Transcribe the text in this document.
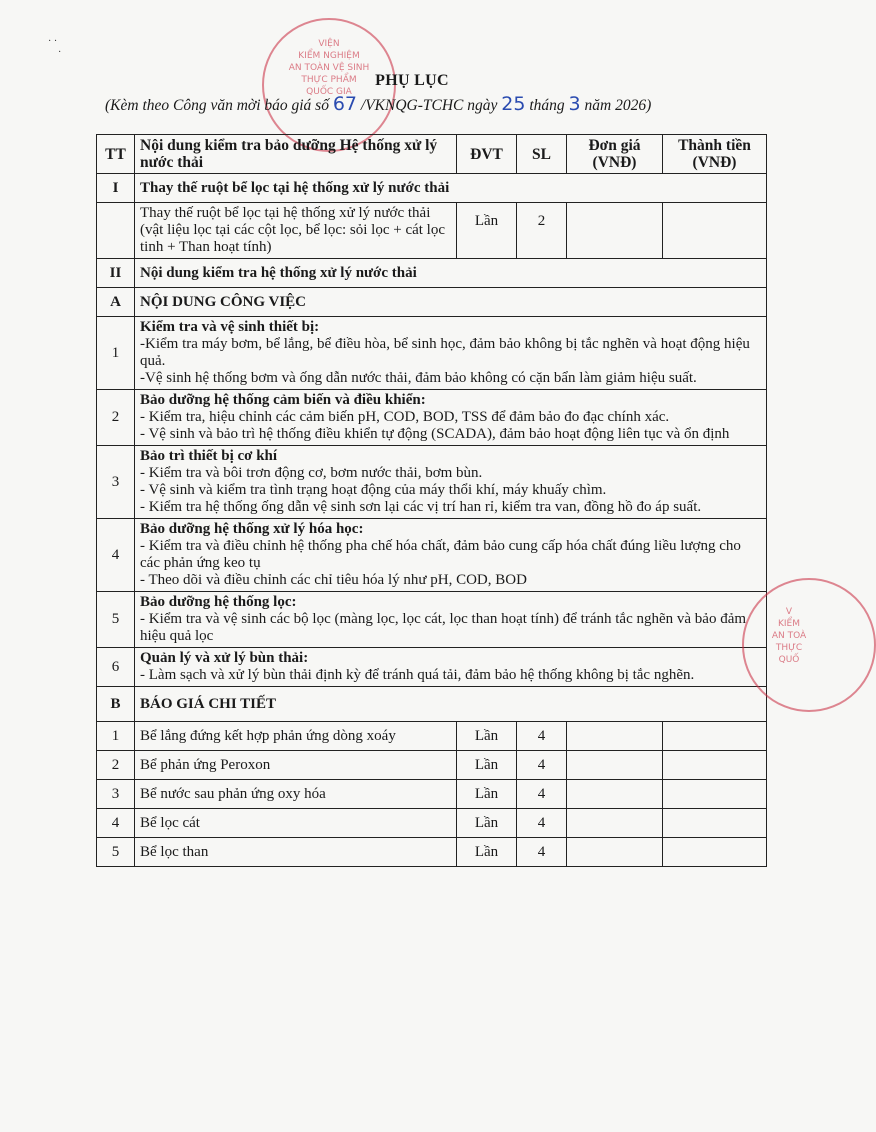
· ·
·
VIỆN
KIỂM NGHIỆM
AN TOÀN VỆ SINH
THỰC PHẨM
QUỐC GIA
PHỤ LỤC
(Kèm theo Công văn mời báo giá số 67 /VKNQG-TCHC ngày 25 tháng 3 năm 2026)
TT	Nội dung kiểm tra bảo dưỡng Hệ thống xử lý nước thải	ĐVT	SL	Đơn giá (VNĐ)	Thành tiền (VNĐ)
I	Thay thế ruột bể lọc tại hệ thống xử lý nước thải				
	Thay thế ruột bể lọc tại hệ thống xử lý nước thải (vật liệu lọc tại các cột lọc, bể lọc: sỏi lọc + cát lọc tinh + Than hoạt tính)	Lần	2		
II	Nội dung kiểm tra hệ thống xử lý nước thải				
A	NỘI DUNG CÔNG VIỆC				
1	Kiểm tra và vệ sinh thiết bị:
-Kiểm tra máy bơm, bể lắng, bể điều hòa, bể sinh học, đảm bảo không bị tắc nghẽn và hoạt động hiệu quả.
-Vệ sinh hệ thống bơm và ống dẫn nước thải, đảm bảo không có cặn bẩn làm giảm hiệu suất.				

2	Bảo dưỡng hệ thống cảm biến và điều khiển:
- Kiểm tra, hiệu chỉnh các cảm biến pH, COD, BOD, TSS để đảm bảo đo đạc chính xác.
- Vệ sinh và bảo trì hệ thống điều khiển tự động (SCADA), đảm bảo hoạt động liên tục và ổn định				

3	Bảo trì thiết bị cơ khí
- Kiểm tra và bôi trơn động cơ, bơm nước thải, bơm bùn.
- Vệ sinh và kiểm tra tình trạng hoạt động của máy thổi khí, máy khuấy chìm.
- Kiểm tra hệ thống ống dẫn vệ sinh sơn lại các vị trí han rỉ, kiểm tra van, đồng hồ đo áp suất.				

4	Bảo dưỡng hệ thống xử lý hóa học:
- Kiểm tra và điều chỉnh hệ thống pha chế hóa chất, đảm bảo cung cấp hóa chất đúng liều lượng cho các phản ứng keo tụ
- Theo dõi và điều chỉnh các chỉ tiêu hóa lý như pH, COD, BOD				

5	Bảo dưỡng hệ thống lọc:
- Kiểm tra và vệ sinh các bộ lọc (màng lọc, lọc cát, lọc than hoạt tính) để tránh tắc nghẽn và bảo đảm hiệu quả lọc				

6	Quản lý và xử lý bùn thải:
- Làm sạch và xử lý bùn thải định kỳ để tránh quá tải, đảm bảo hệ thống không bị tắc nghẽn.				

B	BÁO GIÁ CHI TIẾT				
1	Bể lắng đứng kết hợp phản ứng dòng xoáy	Lần	4		
2	Bể phản ứng Peroxon	Lần	4		
3	Bể nước sau phản ứng oxy hóa	Lần	4		
4	Bể lọc cát	Lần	4		
5	Bể lọc than	Lần	4		
V
KIỂM
AN TOÀ
THỰC
QUỐ
